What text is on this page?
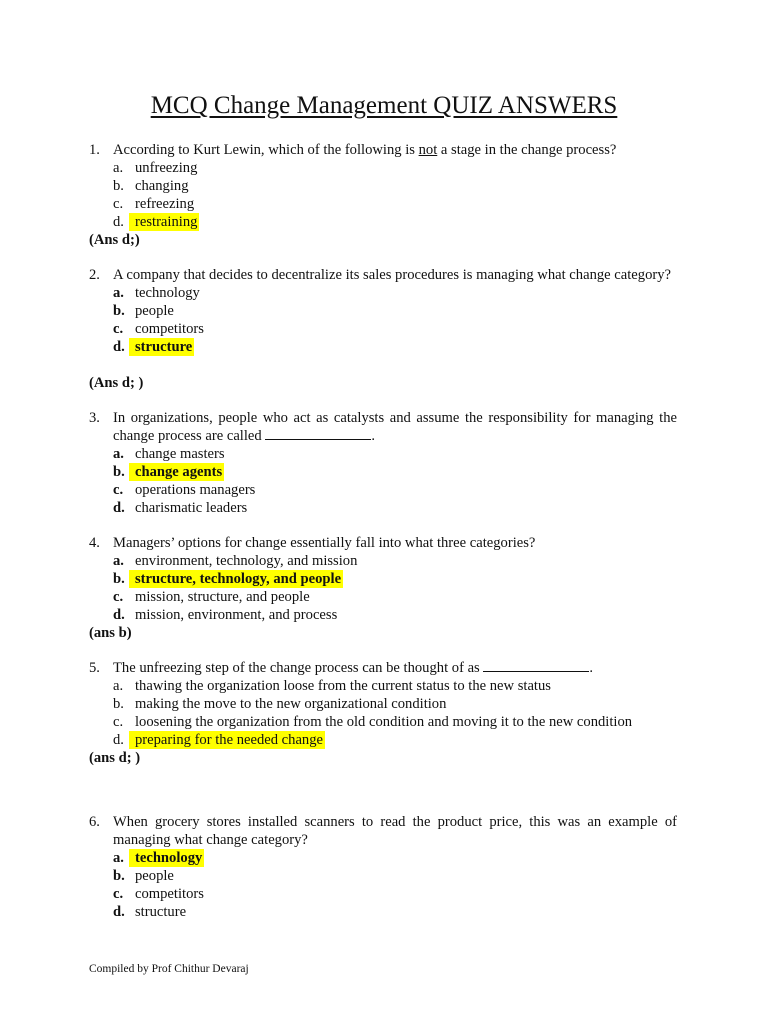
MCQ Change Management QUIZ ANSWERS
1. According to Kurt Lewin, which of the following is not a stage in the change process?
a. unfreezing
b. changing
c. refreezing
d. restraining
(Ans d;)
2. A company that decides to decentralize its sales procedures is managing what change category?
a. technology
b. people
c. competitors
d. structure
(Ans d; )
3. In organizations, people who act as catalysts and assume the responsibility for managing the change process are called	.
a. change masters
b. change agents
c. operations managers
d. charismatic leaders
4. Managers’ options for change essentially fall into what three categories?
a. environment, technology, and mission
b. structure, technology, and people
c. mission, structure, and people
d. mission, environment, and process
(ans b)
5. The unfreezing step of the change process can be thought of as	.
a. thawing the organization loose from the current status to the new status
b. making the move to the new organizational condition
c. loosening the organization from the old condition and moving it to the new condition
d. preparing for the needed change
(ans d; )
6. When grocery stores installed scanners to read the product price, this was an example of managing what change category?
a. technology
b. people
c. competitors
d. structure
Compiled by Prof Chithur Devaraj
